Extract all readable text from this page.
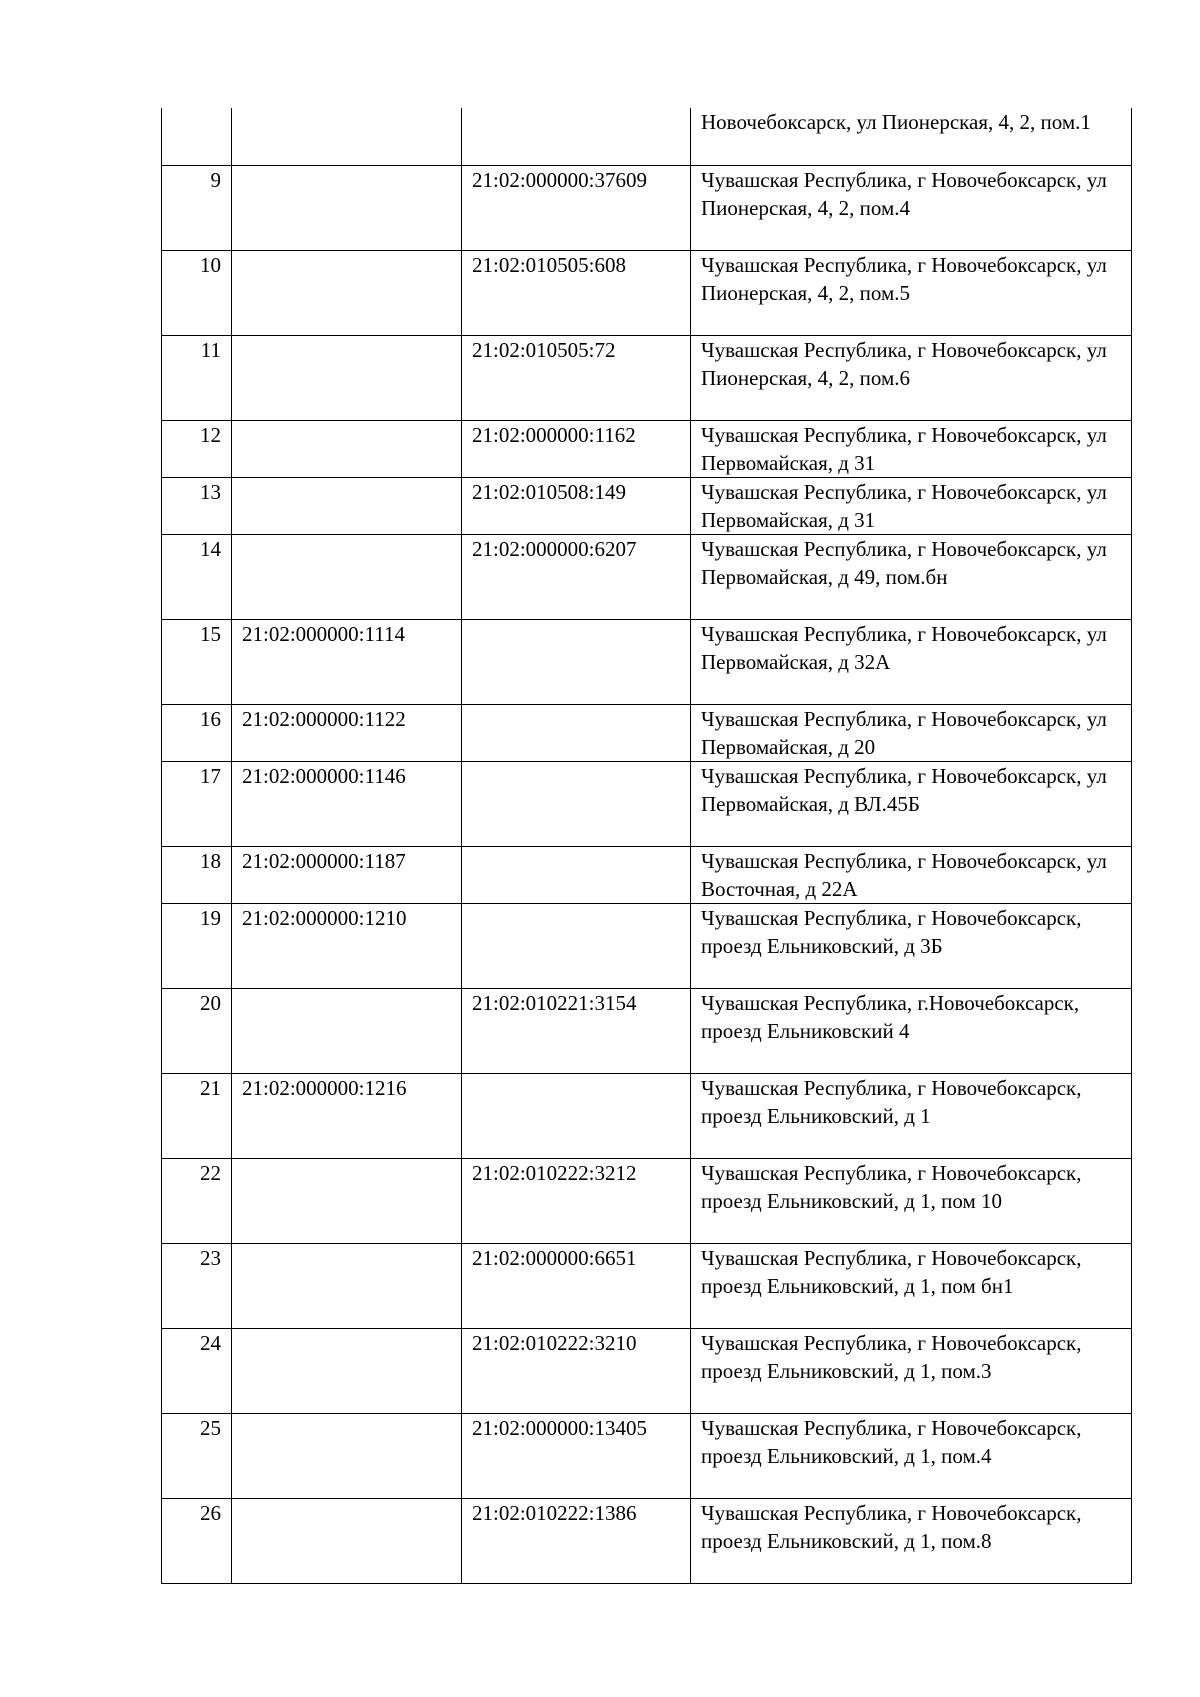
			Новочебоксарск, ул Пионерская, 4, 2, пом.1
9		21:02:000000:37609	Чувашская Республика, г Новочебоксарск, ул Пионерская, 4, 2, пом.4
10		21:02:010505:608	Чувашская Республика, г Новочебоксарск, ул Пионерская, 4, 2, пом.5
11		21:02:010505:72	Чувашская Республика, г Новочебоксарск, ул Пионерская, 4, 2, пом.6
12		21:02:000000:1162	Чувашская Республика, г Новочебоксарск, ул Первомайская, д 31
13		21:02:010508:149	Чувашская Республика, г Новочебоксарск, ул Первомайская, д 31
14		21:02:000000:6207	Чувашская Республика, г Новочебоксарск, ул Первомайская, д 49, пом.бн
15	21:02:000000:1114		Чувашская Республика, г Новочебоксарск, ул Первомайская, д 32А
16	21:02:000000:1122		Чувашская Республика, г Новочебоксарск, ул Первомайская, д 20
17	21:02:000000:1146		Чувашская Республика, г Новочебоксарск, ул Первомайская, д ВЛ.45Б
18	21:02:000000:1187		Чувашская Республика, г Новочебоксарск, ул Восточная, д 22А
19	21:02:000000:1210		Чувашская Республика, г Новочебоксарск, проезд Ельниковский, д 3Б
20		21:02:010221:3154	Чувашская Республика, г.Новочебоксарск, проезд Ельниковский 4
21	21:02:000000:1216		Чувашская Республика, г Новочебоксарск, проезд Ельниковский, д 1
22		21:02:010222:3212	Чувашская Республика, г Новочебоксарск, проезд Ельниковский, д 1, пом 10
23		21:02:000000:6651	Чувашская Республика, г Новочебоксарск, проезд Ельниковский, д 1, пом бн1
24		21:02:010222:3210	Чувашская Республика, г Новочебоксарск, проезд Ельниковский, д 1, пом.3
25		21:02:000000:13405	Чувашская Республика, г Новочебоксарск, проезд Ельниковский, д 1, пом.4
26		21:02:010222:1386	Чувашская Республика, г Новочебоксарск, проезд Ельниковский, д 1, пом.8
